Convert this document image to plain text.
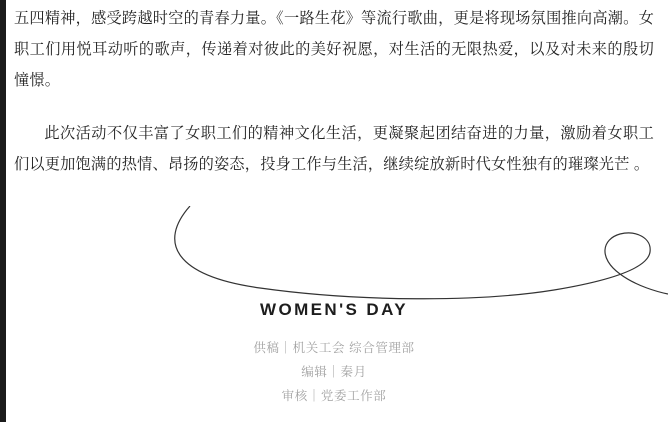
五四精神，感受跨越时空的青春力量。《一路生花》等流行歌曲，更是将现场氛围推向高潮。女职工们用悦耳动听的歌声，传递着对彼此的美好祝愿，对生活的无限热爱，以及对未来的殷切憧憬。

此次活动不仅丰富了女职工们的精神文化生活，更凝聚起团结奋进的力量，激励着女职工们以更加饱满的热情、昂扬的姿态，投身工作与生活，继续绽放新时代女性独有的璀璨光芒 。

WOMEN'S DAY

供稿｜机关工会 综合管理部

编辑｜秦月

审核｜党委工作部
